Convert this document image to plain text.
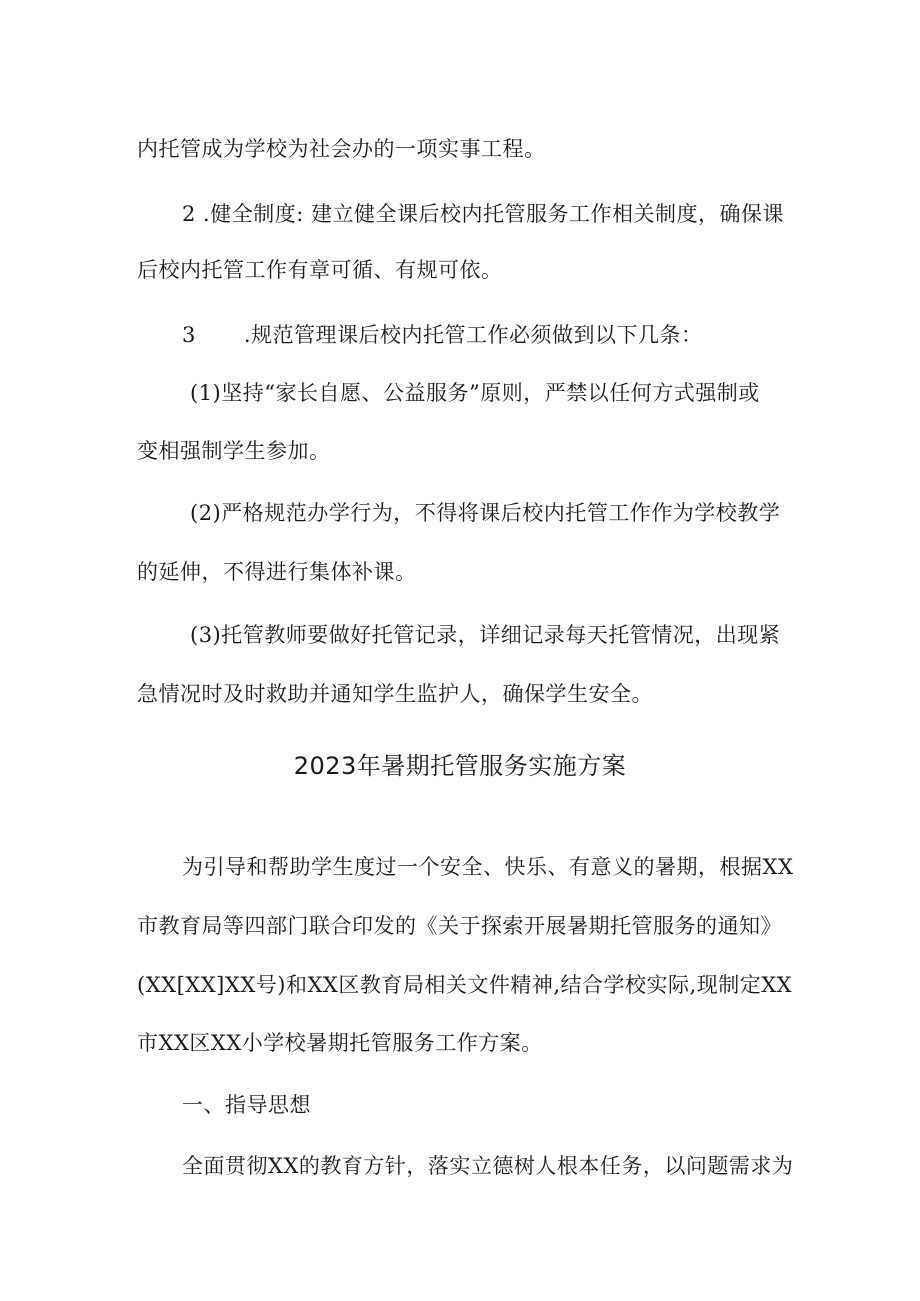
内托管成为学校为社会办的一项实事工程。
2 .健全制度: 建立健全课后校内托管服务工作相关制度，确保课
后校内托管工作有章可循、有规可依。
3 .规范管理课后校内托管工作必须做到以下几条：
(1)坚持“家长自愿、公益服务”原则，严禁以任何方式强制或
变相强制学生参加。
(2)严格规范办学行为，不得将课后校内托管工作作为学校教学
的延伸，不得进行集体补课。
(3)托管教师要做好托管记录，详细记录每天托管情况，出现紧
急情况时及时救助并通知学生监护人，确保学生安全。
2023年暑期托管服务实施方案
为引导和帮助学生度过一个安全、快乐、有意义的暑期，根据XX
市教育局等四部门联合印发的《关于探索开展暑期托管服务的通知》
(XX[XX]XX号)和XX区教育局相关文件精神,结合学校实际,现制定XX
市XX区XX小学校暑期托管服务工作方案。
一、指导思想
全面贯彻XX的教育方针，落实立德树人根本任务，以问题需求为
